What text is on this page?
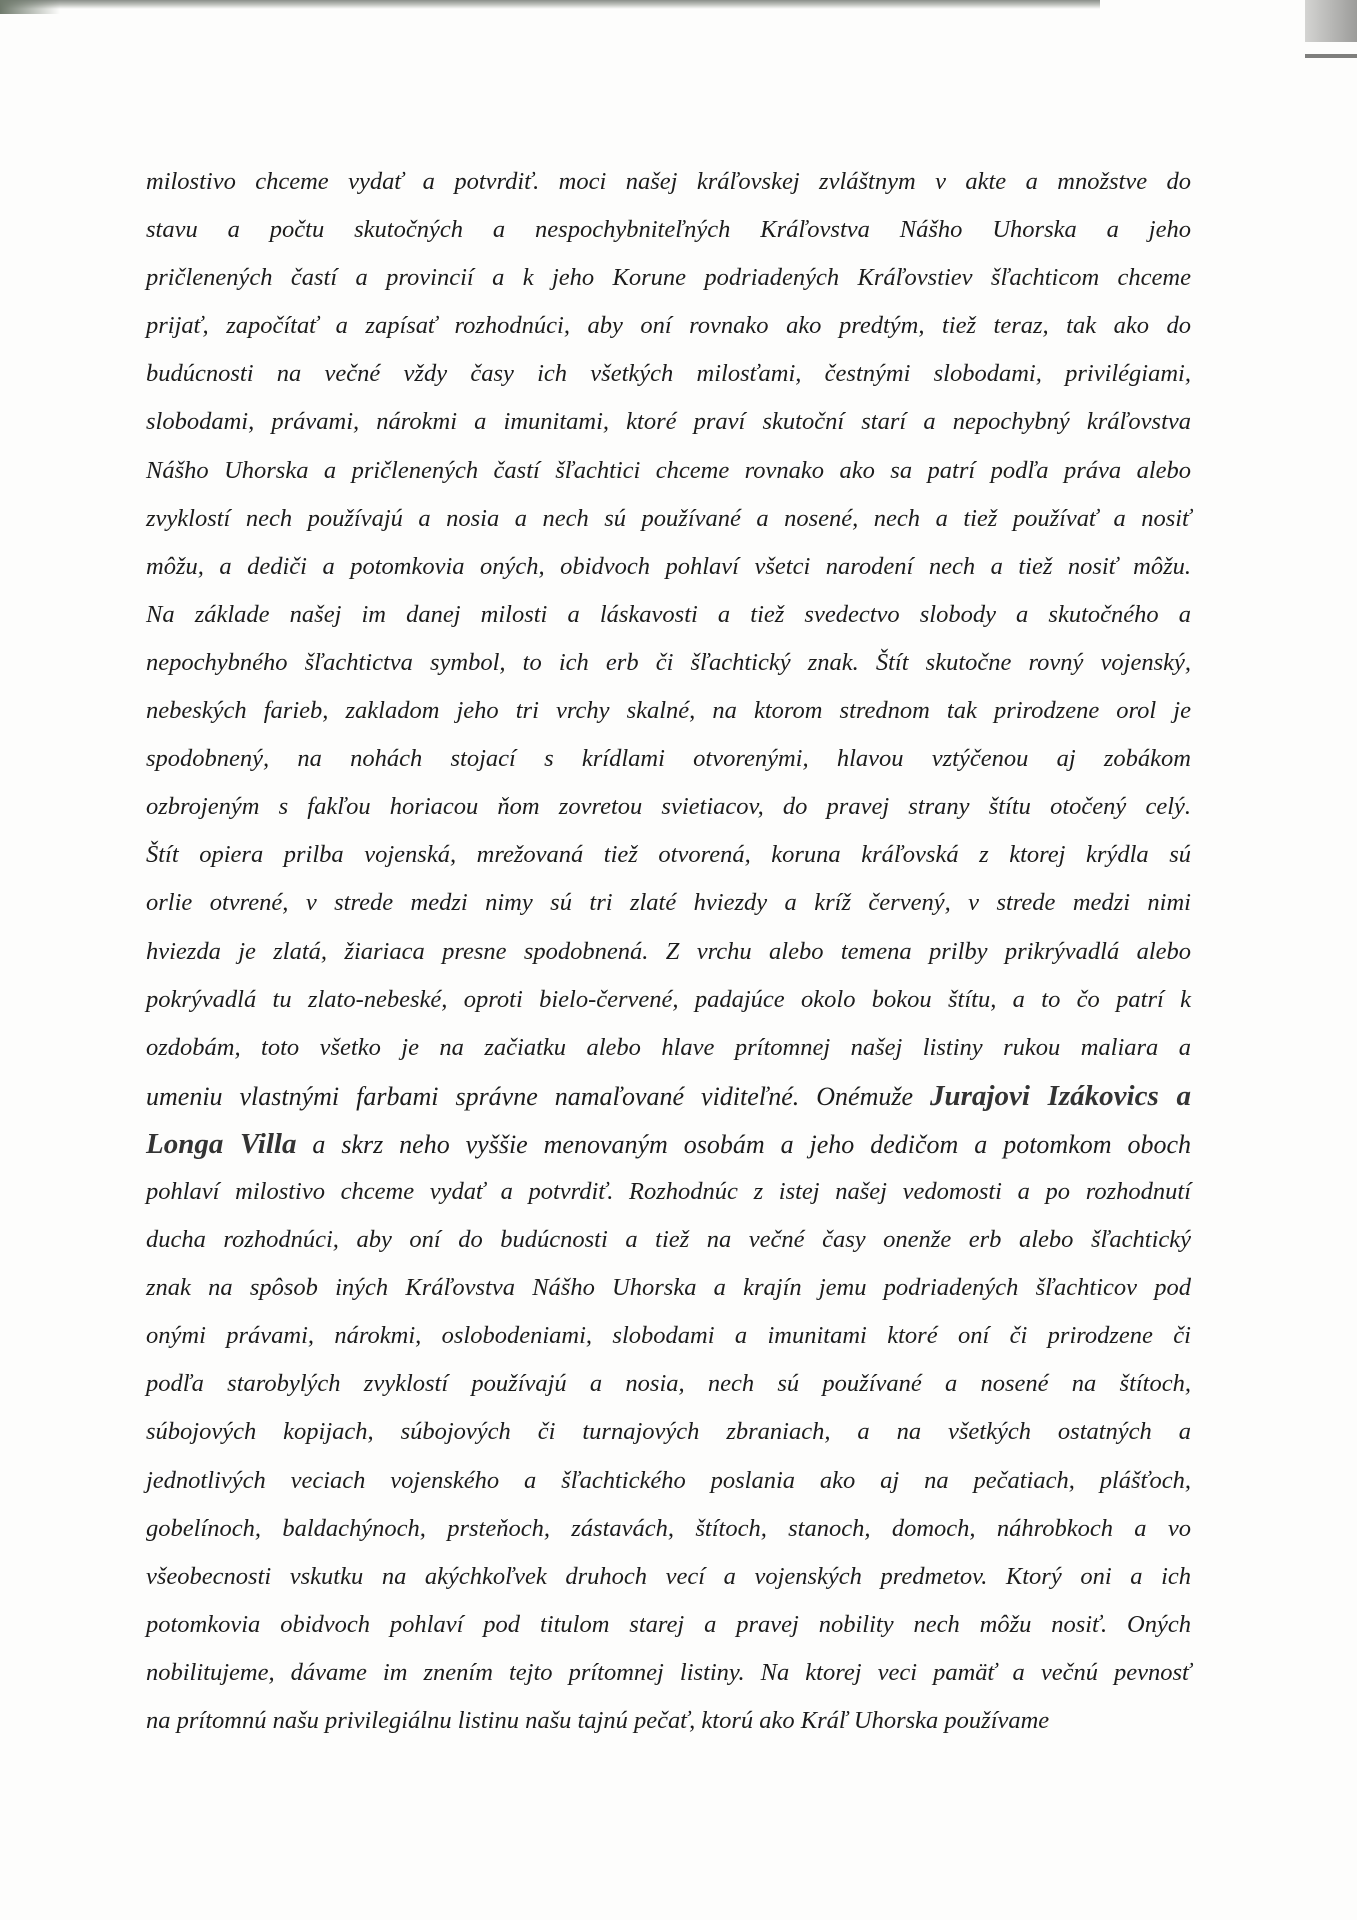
milostivo chceme vydať a potvrdiť. moci našej kráľovskej zvláštnym v akte a množstve do
stavu a počtu skutočných a nespochybniteľných Kráľovstva Nášho Uhorska a jeho
pričlenených častí a provincií a k jeho Korune podriadených Kráľovstiev šľachticom chceme
prijať, započítať a zapísať rozhodnúci, aby oní rovnako ako predtým, tiež teraz, tak ako do
budúcnosti na večné vždy časy ich všetkých milosťami, čestnými slobodami, privilégiami,
slobodami, právami, nárokmi a imunitami, ktoré praví skutoční starí a nepochybný kráľovstva
Nášho Uhorska a pričlenených častí šľachtici chceme rovnako ako sa patrí podľa práva alebo
zvyklostí nech používajú a nosia a nech sú používané a nosené, nech a tiež používať a nosiť
môžu, a dediči a potomkovia oných, obidvoch pohlaví všetci narodení nech a tiež nosiť môžu.
Na základe našej im danej milosti a láskavosti a tiež svedectvo slobody a skutočného a
nepochybného šľachtictva symbol, to ich erb či šľachtický znak. Štít skutočne rovný vojenský,
nebeských farieb, zakladom jeho tri vrchy skalné, na ktorom strednom tak prirodzene orol je
spodobnený, na nohách stojací s krídlami otvorenými, hlavou vztýčenou aj zobákom
ozbrojeným s fakľou horiacou ňom zovretou svietiacov, do pravej strany štítu otočený celý.
Štít opiera prilba vojenská, mrežovaná tiež otvorená, koruna kráľovská z ktorej krýdla sú
orlie otvrené, v strede medzi nimy sú tri zlaté hviezdy a kríž červený, v strede medzi nimi
hviezda je zlatá, žiariaca presne spodobnená. Z vrchu alebo temena prilby prikrývadlá alebo
pokrývadlá tu zlato-nebeské, oproti bielo-červené, padajúce okolo bokou štítu, a to čo patrí k
ozdobám, toto všetko je na začiatku alebo hlave prítomnej našej listiny rukou maliara a
umeniu vlastnými farbami správne namaľované viditeľné. Onémuže Jurajovi Izákovics a
Longa Villa a skrz neho vyššie menovaným osobám a jeho dedičom a potomkom oboch
pohlaví milostivo chceme vydať a potvrdiť. Rozhodnúc z istej našej vedomosti a po rozhodnutí
ducha rozhodnúci, aby oní do budúcnosti a tiež na večné časy onenže erb alebo šľachtický
znak na spôsob iných Kráľovstva Nášho Uhorska a krajín jemu podriadených šľachticov pod
onými právami, nárokmi, oslobodeniami, slobodami a imunitami ktoré oní či prirodzene či
podľa starobylých zvyklostí používajú a nosia, nech sú používané a nosené na štítoch,
súbojových kopijach, súbojových či turnajových zbraniach, a na všetkých ostatných a
jednotlivých veciach vojenského a šľachtického poslania ako aj na pečatiach, plášťoch,
gobelínoch, baldachýnoch, prsteňoch, zástavách, štítoch, stanoch, domoch, náhrobkoch a vo
všeobecnosti vskutku na akýchkoľvek druhoch vecí a vojenských predmetov. Ktorý oni a ich
potomkovia obidvoch pohlaví pod titulom starej a pravej nobility nech môžu nosiť. Oných
nobilitujeme, dávame im znením tejto prítomnej listiny. Na ktorej veci pamäť a večnú pevnosť
na prítomnú našu privilegiálnu listinu našu tajnú pečať, ktorú ako Kráľ Uhorska používame
